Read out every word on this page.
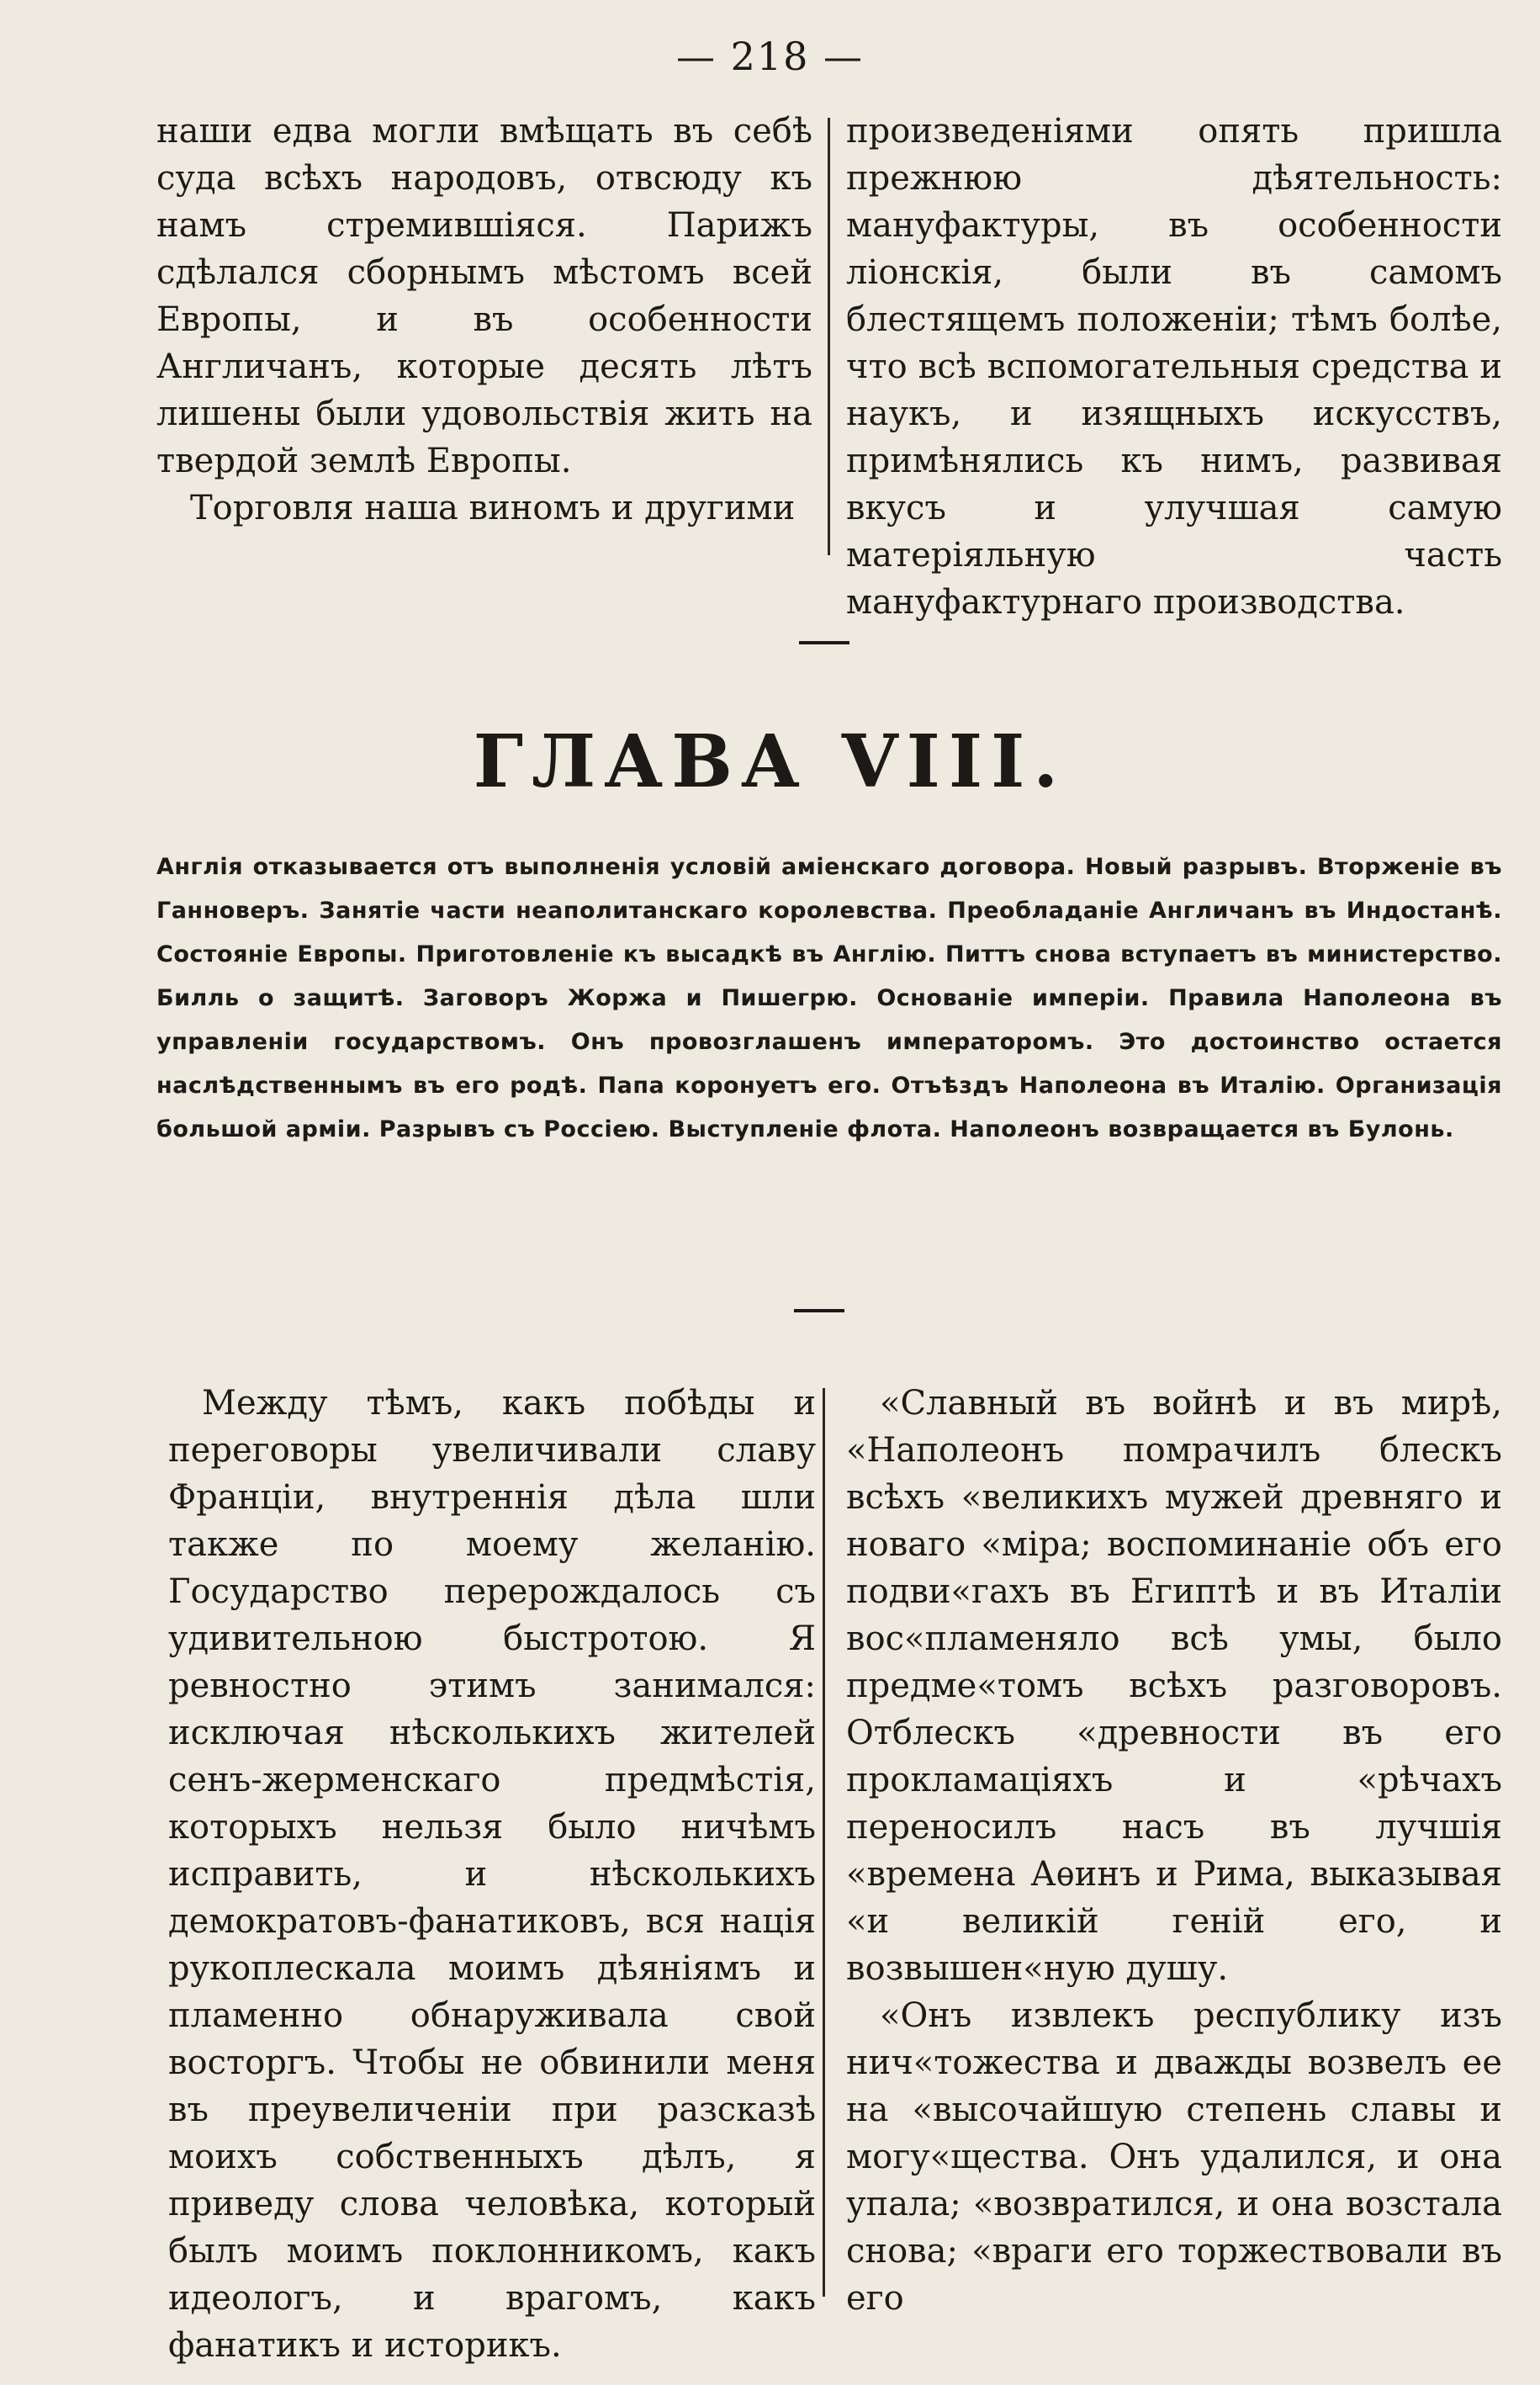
— 218 —

наши едва могли вмѣщать въ себѣ суда всѣхъ народовъ, отвсюду къ намъ стремившіяся. Парижъ сдѣлался сборнымъ мѣстомъ всей Европы, и въ особенности Англичанъ, которые десять лѣтъ лишены были удовольствія жить на твердой землѣ Европы.

Торговля наша виномъ и другими

произведеніями опять пришла прежнюю дѣятельность: мануфактуры, въ особенности ліонскія, были въ самомъ блестящемъ положеніи; тѣмъ болѣе, что всѣ вспомогательныя средства и наукъ, и изящныхъ искусствъ, примѣнялись къ нимъ, развивая вкусъ и улучшая самую матеріяльную часть мануфактурнаго производства.

ГЛАВА VIII.
Англія отказывается отъ выполненія условій аміенскаго договора. Новый разрывъ. Вторженіе въ Ганноверъ. Занятіе части неаполитанскаго королевства. Преобладаніе Англичанъ въ Индостанѣ. Состояніе Европы. Приготовленіе къ высадкѣ въ Англію. Питтъ снова вступаетъ въ министерство. Билль о защитѣ. Заговоръ Жоржа и Пишегрю. Основаніе имперіи. Правила Наполеона въ управленіи государствомъ. Онъ провозглашенъ императоромъ. Это достоинство остается наслѣдственнымъ въ его родѣ. Папа коронуетъ его. Отъѣздъ Наполеона въ Италію. Организація большой арміи. Разрывъ съ Россіею. Выступленіе флота. Наполеонъ возвращается въ Булонь.

Между тѣмъ, какъ побѣды и переговоры увеличивали славу Франціи, внутреннія дѣла шли также по моему желанію. Государство перерождалось съ удивительною быстротою. Я ревностно этимъ занимался: исключая нѣсколькихъ жителей сенъ-жерменскаго предмѣстія, которыхъ нельзя было ничѣмъ исправить, и нѣсколькихъ демократовъ-фанатиковъ, вся нація рукоплескала моимъ дѣяніямъ и пламенно обнаруживала свой восторгъ. Чтобы не обвинили меня въ преувеличеніи при разсказѣ моихъ собственныхъ дѣлъ, я приведу слова человѣка, который былъ моимъ поклонникомъ, какъ идеологъ, и врагомъ, какъ фанатикъ и историкъ.

«Славный въ войнѣ и въ мирѣ, «Наполеонъ помрачилъ блескъ всѣхъ «великихъ мужей древняго и новаго «міра; воспоминаніе объ его подви«гахъ въ Египтѣ и въ Италіи вос«пламеняло всѣ умы, было предме«томъ всѣхъ разговоровъ. Отблескъ «древности въ его прокламаціяхъ и «рѣчахъ переносилъ насъ въ лучшія «времена Аѳинъ и Рима, выказывая «и великій геній его, и возвышен«ную душу.

«Онъ извлекъ республику изъ нич«тожества и дважды возвелъ ее на «высочайшую степень славы и могу«щества. Онъ удалился, и она упала; «возвратился, и она возстала снова; «враги его торжествовали въ его
